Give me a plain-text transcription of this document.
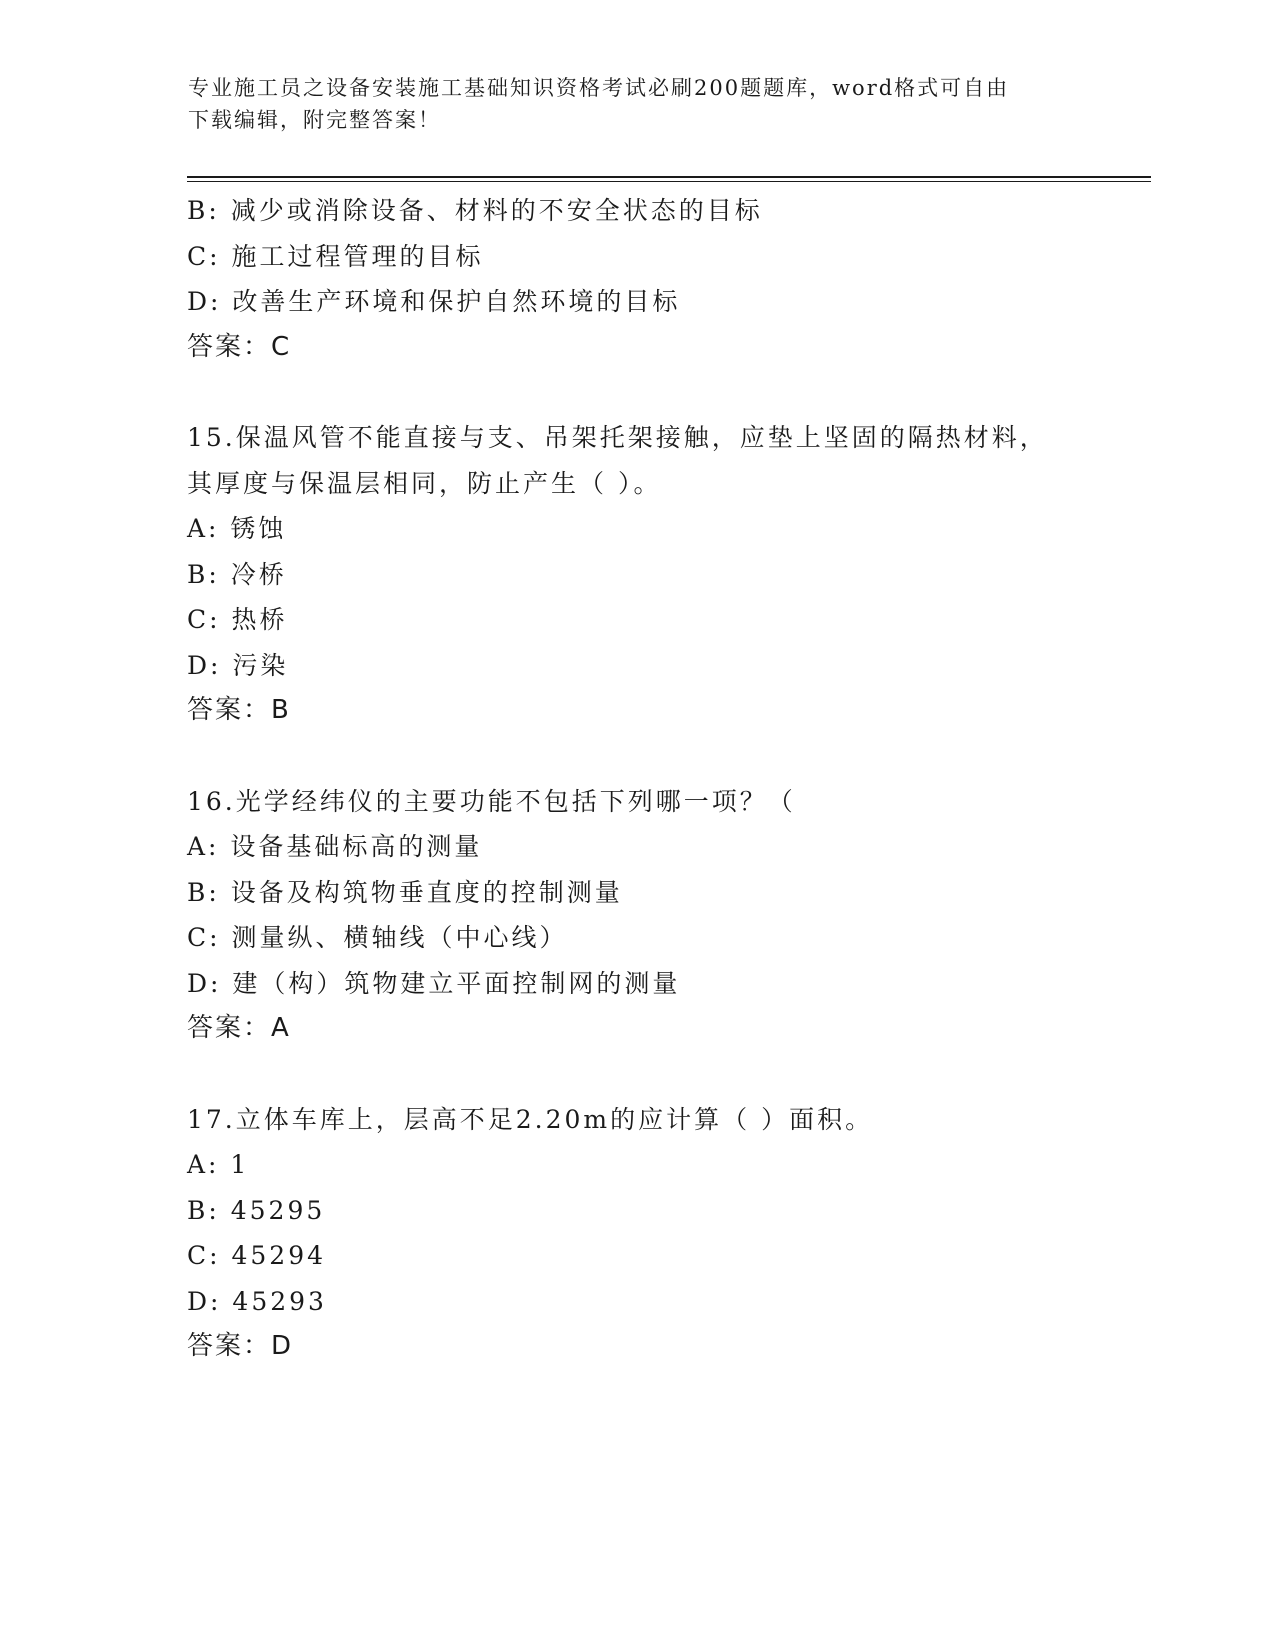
专业施工员之设备安装施工基础知识资格考试必刷200题题库，word格式可自由
下载编辑，附完整答案！
B: 减少或消除设备、材料的不安全状态的目标
C: 施工过程管理的目标
D: 改善生产环境和保护自然环境的目标
答案：C
15.保温风管不能直接与支、吊架托架接触，应垫上坚固的隔热材料，
其厚度与保温层相同，防止产生（ ）。
A: 锈蚀
B: 冷桥
C: 热桥
D: 污染
答案：B
16.光学经纬仪的主要功能不包括下列哪一项？（
A: 设备基础标高的测量
B: 设备及构筑物垂直度的控制测量
C: 测量纵、横轴线（中心线）
D: 建（构）筑物建立平面控制网的测量
答案：A
17.立体车库上，层高不足2.20m的应计算（ ）面积。
A: 1
B: 45295
C: 45294
D: 45293
答案：D
